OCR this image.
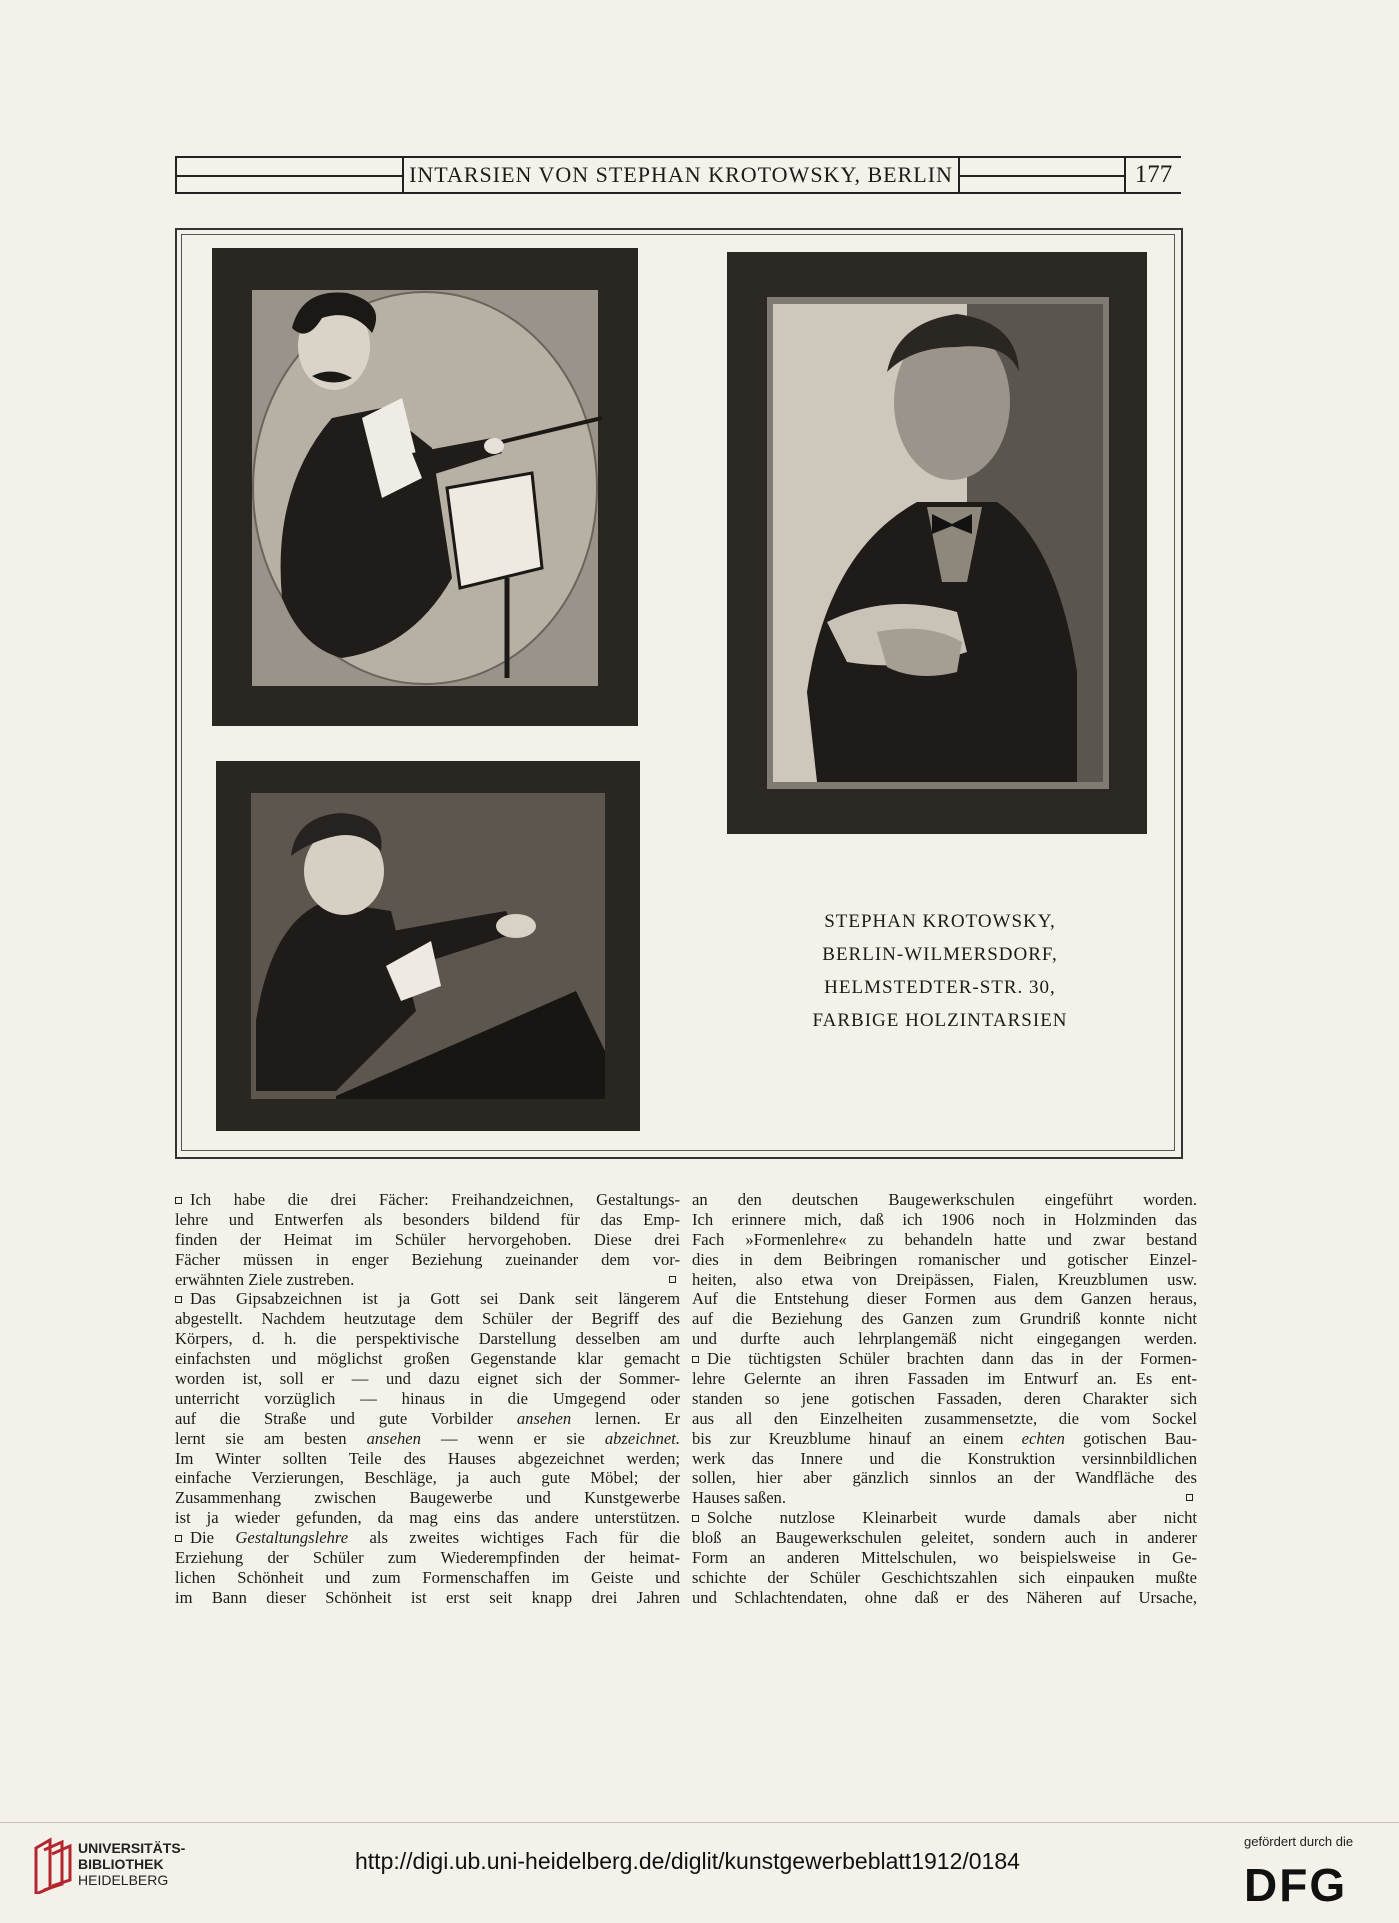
INTARSIEN VON STEPHAN KROTOWSKY, BERLIN	177
STEPHAN KROTOWSKY,
BERLIN-WILMERSDORF,
HELMSTEDTER-STR. 30,
FARBIGE HOLZINTARSIEN
Ich habe die drei Fächer: Freihandzeichnen, Gestaltungs-
lehre und Entwerfen als besonders bildend für das Emp-
finden der Heimat im Schüler hervorgehoben. Diese drei
Fächer müssen in enger Beziehung zueinander dem vor-
erwähnten Ziele zustreben.
Das Gipsabzeichnen ist ja Gott sei Dank seit längerem
abgestellt. Nachdem heutzutage dem Schüler der Begriff des
Körpers, d. h. die perspektivische Darstellung desselben am
einfachsten und möglichst großen Gegenstande klar gemacht
worden ist, soll er — und dazu eignet sich der Sommer-
unterricht vorzüglich — hinaus in die Umgegend oder
auf die Straße und gute Vorbilder ansehen lernen. Er
lernt sie am besten ansehen — wenn er sie abzeichnet.
Im Winter sollten Teile des Hauses abgezeichnet werden;
einfache Verzierungen, Beschläge, ja auch gute Möbel; der
Zusammenhang zwischen Baugewerbe und Kunstgewerbe
ist ja wieder gefunden, da mag eins das andere unterstützen.
Die Gestaltungslehre als zweites wichtiges Fach für die
Erziehung der Schüler zum Wiederempfinden der heimat-
lichen Schönheit und zum Formenschaffen im Geiste und
im Bann dieser Schönheit ist erst seit knapp drei Jahren
an den deutschen Baugewerkschulen eingeführt worden.
Ich erinnere mich, daß ich 1906 noch in Holzminden das
Fach »Formenlehre« zu behandeln hatte und zwar bestand
dies in dem Beibringen romanischer und gotischer Einzel-
heiten, also etwa von Dreipässen, Fialen, Kreuzblumen usw.
Auf die Entstehung dieser Formen aus dem Ganzen heraus,
auf die Beziehung des Ganzen zum Grundriß konnte nicht
und durfte auch lehrplangemäß nicht eingegangen werden.
Die tüchtigsten Schüler brachten dann das in der Formen-
lehre Gelernte an ihren Fassaden im Entwurf an. Es ent-
standen so jene gotischen Fassaden, deren Charakter sich
aus all den Einzelheiten zusammensetzte, die vom Sockel
bis zur Kreuzblume hinauf an einem echten gotischen Bau-
werk das Innere und die Konstruktion versinnbildlichen
sollen, hier aber gänzlich sinnlos an der Wandfläche des
Hauses saßen.
Solche nutzlose Kleinarbeit wurde damals aber nicht
bloß an Baugewerkschulen geleitet, sondern auch in anderer
Form an anderen Mittelschulen, wo beispielsweise in Ge-
schichte der Schüler Geschichtszahlen sich einpauken mußte
und Schlachtendaten, ohne daß er des Näheren auf Ursache,
UNIVERSITÄTS-
BIBLIOTHEK
HEIDELBERG
http://digi.ub.uni-heidelberg.de/diglit/kunstgewerbeblatt1912/0184
gefördert durch die
DFG
